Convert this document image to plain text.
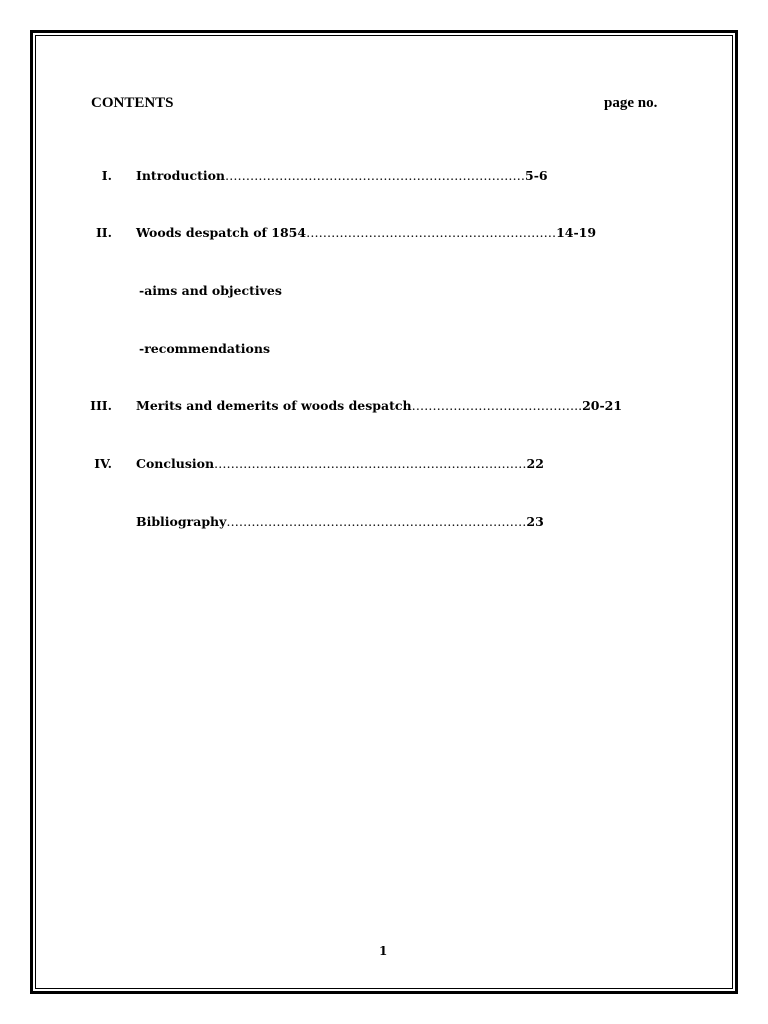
CONTENTS	page no.
I. Introduction………………………………………………………………5-6
II. Woods despatch of 1854……………………………………………………14-19
-aims and objectives
-recommendations
III. Merits and demerits of woods despatch…………………………………..20-21
IV. Conclusion…………………………………………………………………22
Bibliography………………………………………………………………23
1
